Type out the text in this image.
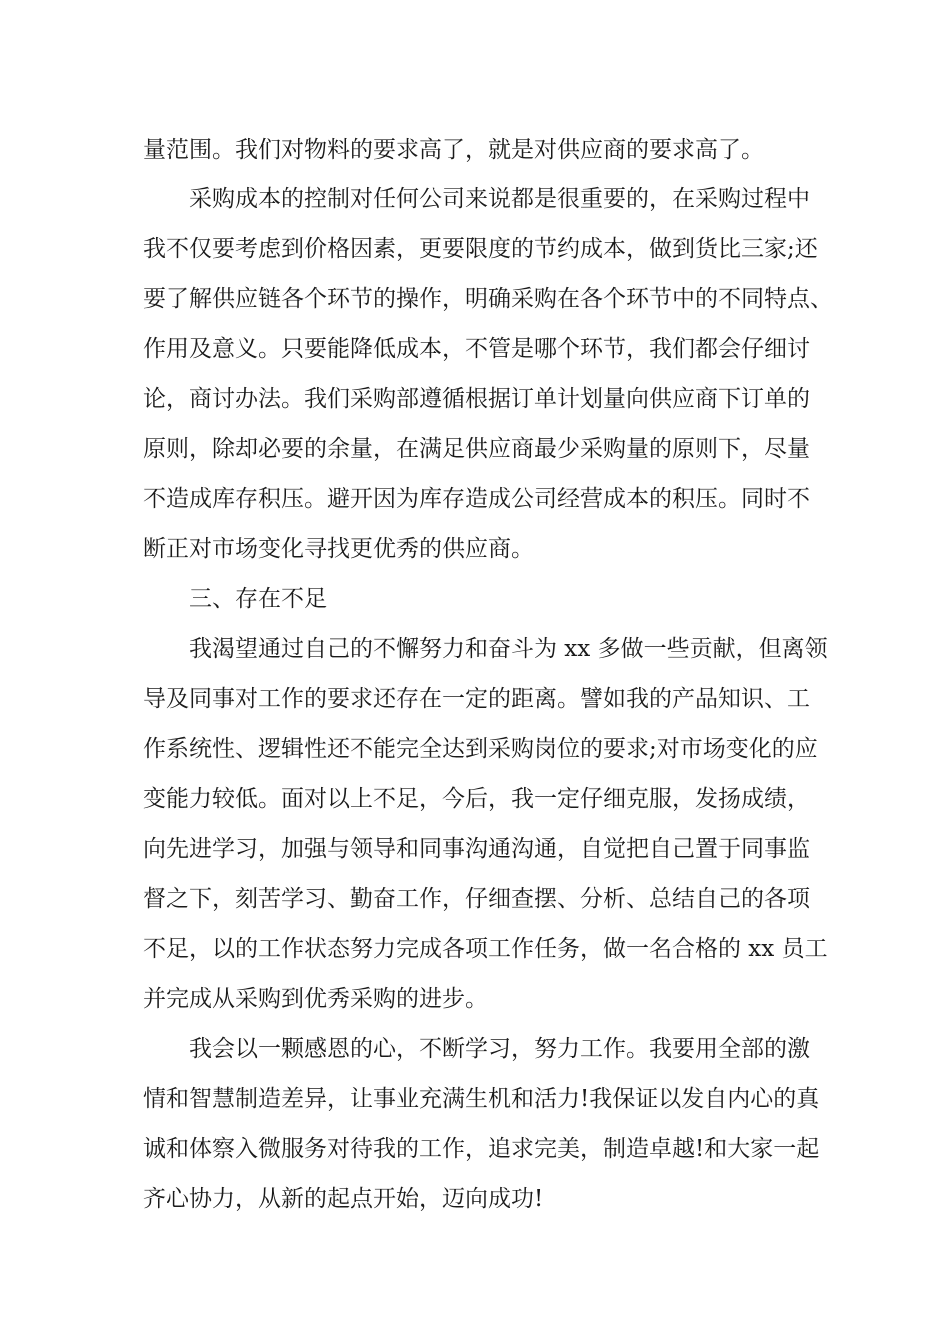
量范围。我们对物料的要求高了，就是对供应商的要求高了。

采购成本的控制对任何公司来说都是很重要的，在采购过程中

我不仅要考虑到价格因素，更要限度的节约成本，做到货比三家;还

要了解供应链各个环节的操作，明确采购在各个环节中的不同特点、

作用及意义。只要能降低成本，不管是哪个环节，我们都会仔细讨

论，商讨办法。我们采购部遵循根据订单计划量向供应商下订单的

原则，除却必要的余量，在满足供应商最少采购量的原则下，尽量

不造成库存积压。避开因为库存造成公司经营成本的积压。同时不

断正对市场变化寻找更优秀的供应商。

三、存在不足

我渴望通过自己的不懈努力和奋斗为 xx 多做一些贡献，但离领

导及同事对工作的要求还存在一定的距离。譬如我的产品知识、工

作系统性、逻辑性还不能完全达到采购岗位的要求;对市场变化的应

变能力较低。面对以上不足，今后，我一定仔细克服，发扬成绩，

向先进学习，加强与领导和同事沟通沟通，自觉把自己置于同事监

督之下，刻苦学习、勤奋工作，仔细查摆、分析、总结自己的各项

不足，以的工作状态努力完成各项工作任务，做一名合格的 xx 员工

并完成从采购到优秀采购的进步。

我会以一颗感恩的心，不断学习，努力工作。我要用全部的激

情和智慧制造差异，让事业充满生机和活力!我保证以发自内心的真

诚和体察入微服务对待我的工作，追求完美，制造卓越!和大家一起

齐心协力，从新的起点开始，迈向成功!
